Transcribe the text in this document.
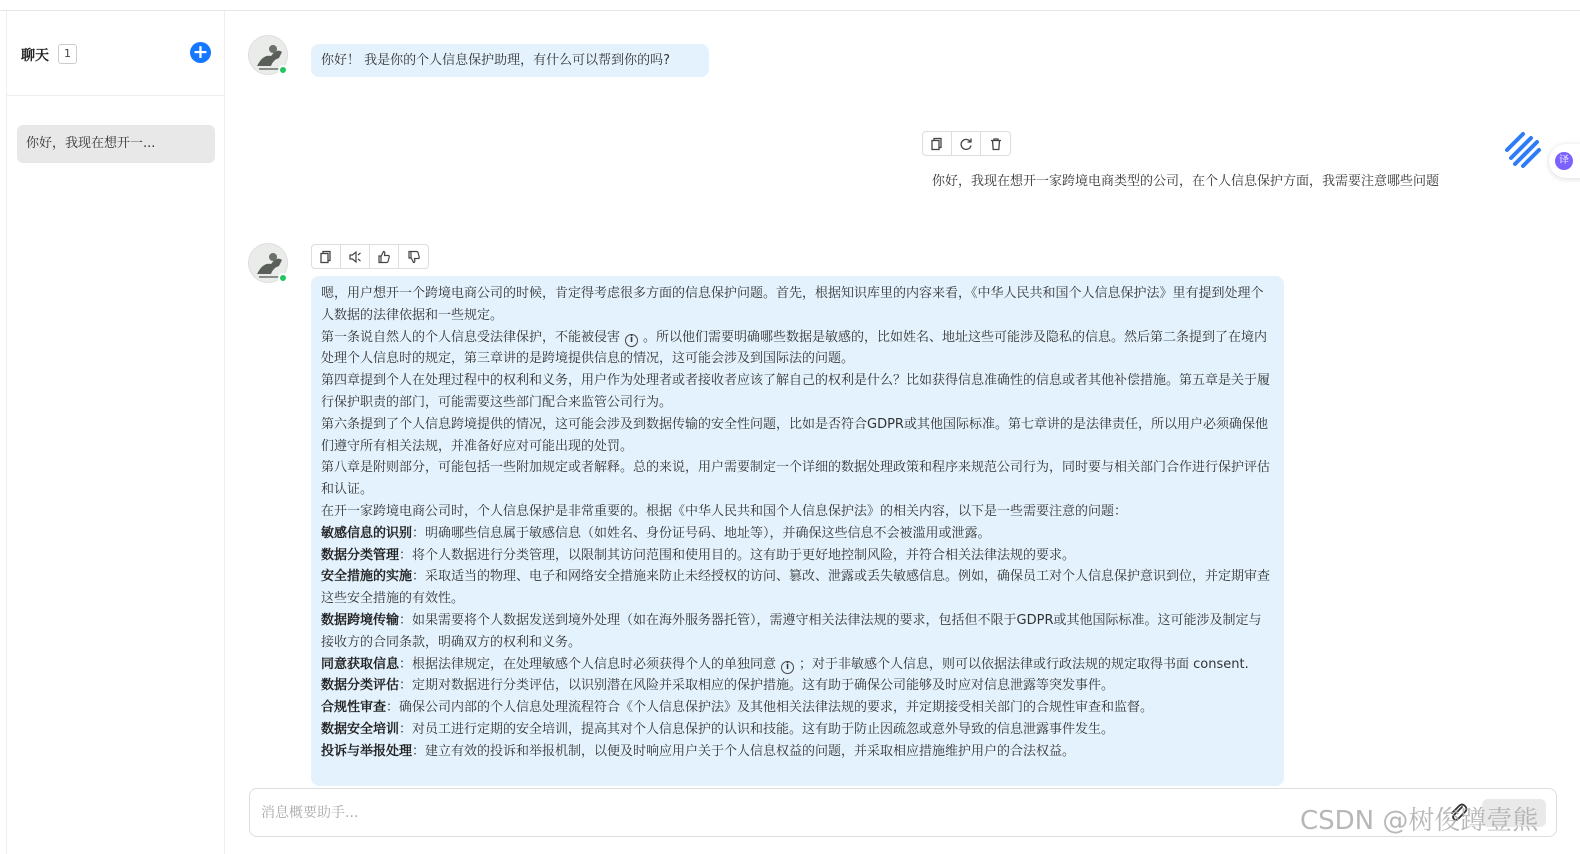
聊天	1	+
你好，我现在想开一...
你好！ 我是你的个人信息保护助理，有什么可以帮到你的吗?
你好，我现在想开一家跨境电商类型的公司，在个人信息保护方面，我需要注意哪些问题

嗯，用户想开一个跨境电商公司的时候，肯定得考虑很多方面的信息保护问题。首先，根据知识库里的内容来看，《中华人民共和国个人信息保护法》里有提到处理个人数据的法律依据和一些规定。

第一条说自然人的个人信息受法律保护，不能被侵害 i 。所以他们需要明确哪些数据是敏感的，比如姓名、地址这些可能涉及隐私的信息。然后第二条提到了在境内处理个人信息时的规定，第三章讲的是跨境提供信息的情况，这可能会涉及到国际法的问题。

第四章提到个人在处理过程中的权利和义务，用户作为处理者或者接收者应该了解自己的权利是什么？比如获得信息准确性的信息或者其他补偿措施。第五章是关于履行保护职责的部门，可能需要这些部门配合来监管公司行为。

第六条提到了个人信息跨境提供的情况，这可能会涉及到数据传输的安全性问题，比如是否符合GDPR或其他国际标准。第七章讲的是法律责任，所以用户必须确保他们遵守所有相关法规，并准备好应对可能出现的处罚。

第八章是附则部分，可能包括一些附加规定或者解释。总的来说，用户需要制定一个详细的数据处理政策和程序来规范公司行为，同时要与相关部门合作进行保护评估和认证。

在开一家跨境电商公司时，个人信息保护是非常重要的。根据《中华人民共和国个人信息保护法》的相关内容，以下是一些需要注意的问题：

敏感信息的识别：明确哪些信息属于敏感信息（如姓名、身份证号码、地址等），并确保这些信息不会被滥用或泄露。

数据分类管理：将个人数据进行分类管理，以限制其访问范围和使用目的。这有助于更好地控制风险，并符合相关法律法规的要求。

安全措施的实施：采取适当的物理、电子和网络安全措施来防止未经授权的访问、篡改、泄露或丢失敏感信息。例如，确保员工对个人信息保护意识到位，并定期审查这些安全措施的有效性。

数据跨境传输：如果需要将个人数据发送到境外处理（如在海外服务器托管），需遵守相关法律法规的要求，包括但不限于GDPR或其他国际标准。这可能涉及制定与接收方的合同条款，明确双方的权利和义务。

同意获取信息：根据法律规定，在处理敏感个人信息时必须获得个人的单独同意 i ；对于非敏感个人信息，则可以依据法律或行政法规的规定取得书面 consent.

数据分类评估：定期对数据进行分类评估，以识别潜在风险并采取相应的保护措施。这有助于确保公司能够及时应对信息泄露等突发事件。

合规性审查：确保公司内部的个人信息处理流程符合《个人信息保护法》及其他相关法律法规的要求，并定期接受相关部门的合规性审查和监督。

数据安全培训：对员工进行定期的安全培训，提高其对个人信息保护的认识和技能。这有助于防止因疏忽或意外导致的信息泄露事件发生。

投诉与举报处理：建立有效的投诉和举报机制，以便及时响应用户关于个人信息权益的问题，并采取相应措施维护用户的合法权益。

消息概要助手...
译
CSDN @树俊蹲壹熊
